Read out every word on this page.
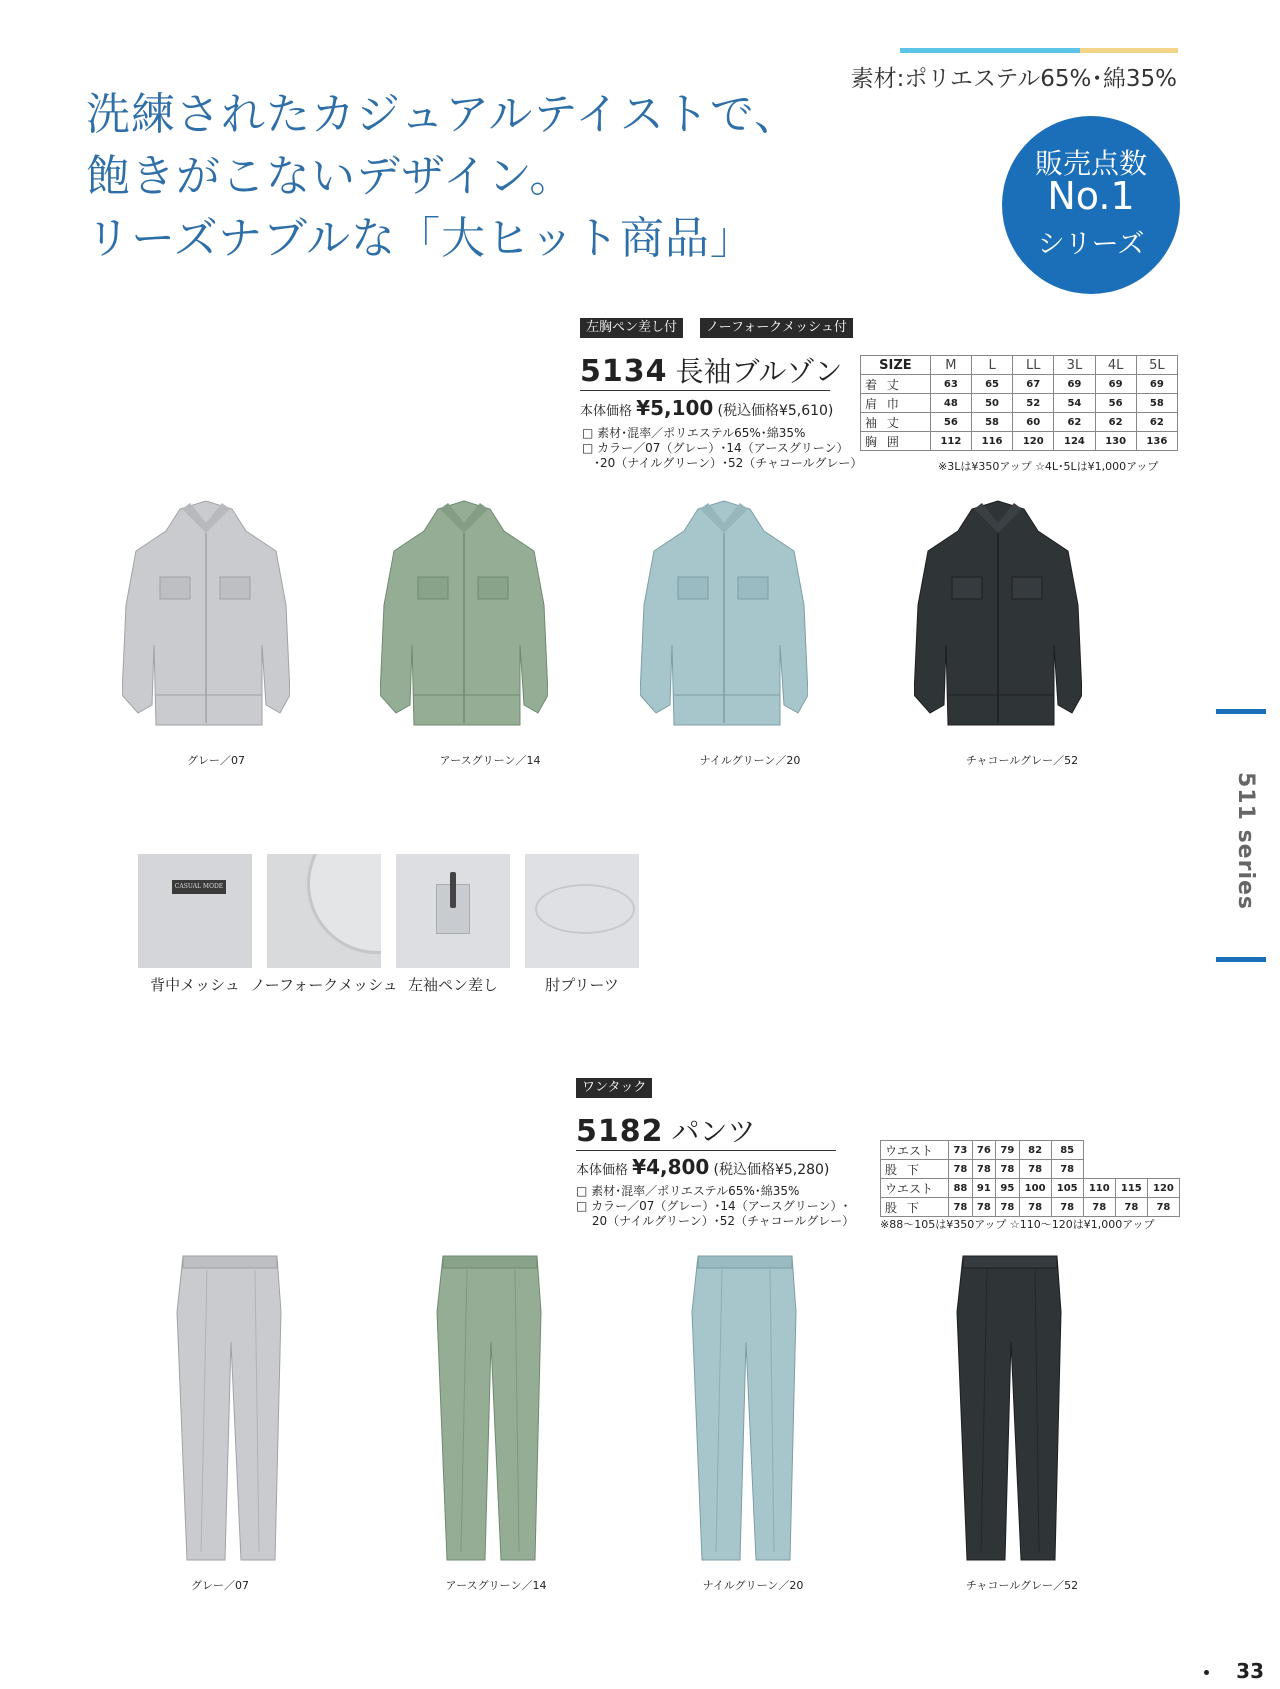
素材:ポリエステル65%･綿35%
洗練されたカジュアルテイストで、
飽きがこないデザイン。
リーズナブルな「大ヒット商品」
販売点数
No.1
シリーズ
左胸ペン差し付	ノーフォークメッシュ付
5134 長袖ブルゾン
本体価格 ¥5,100 (税込価格¥5,610)
□ 素材･混率／ポリエステル65%･綿35%
□ カラー／07（グレー）･14（アースグリーン）
　･20（ナイルグリーン）･52（チャコールグレー）
SIZE	M	L	LL	3L	4L	5L
着 丈	63	65	67	69	69	69
肩 巾	48	50	52	54	56	58
袖 丈	56	58	60	62	62	62
胸 囲	112	116	120	124	130	136
※3Lは¥350アップ ☆4L･5Lは¥1,000アップ
グレー／07	アースグリーン／14	ナイルグリーン／20	チャコールグレー／52
CASUAL MODE
背中メッシュ ノーフォークメッシュ 左袖ペン差し	肘プリーツ
511 series
ワンタック
5182 パンツ
本体価格 ¥4,800 (税込価格¥5,280)
□ 素材･混率／ポリエステル65%･綿35%
□ カラー／07（グレー）･14（アースグリーン）･
　 20（ナイルグリーン）･52（チャコールグレー）
ウエスト	73	76	79	82	85			
股 下	78	78	78	78	78			
ウエスト	88	91	95	100	105	110	115	120
股 下	78	78	78	78	78	78	78	78
※88～105は¥350アップ ☆110～120は¥1,000アップ
グレー／07	アースグリーン／14	ナイルグリーン／20	チャコールグレー／52
33
